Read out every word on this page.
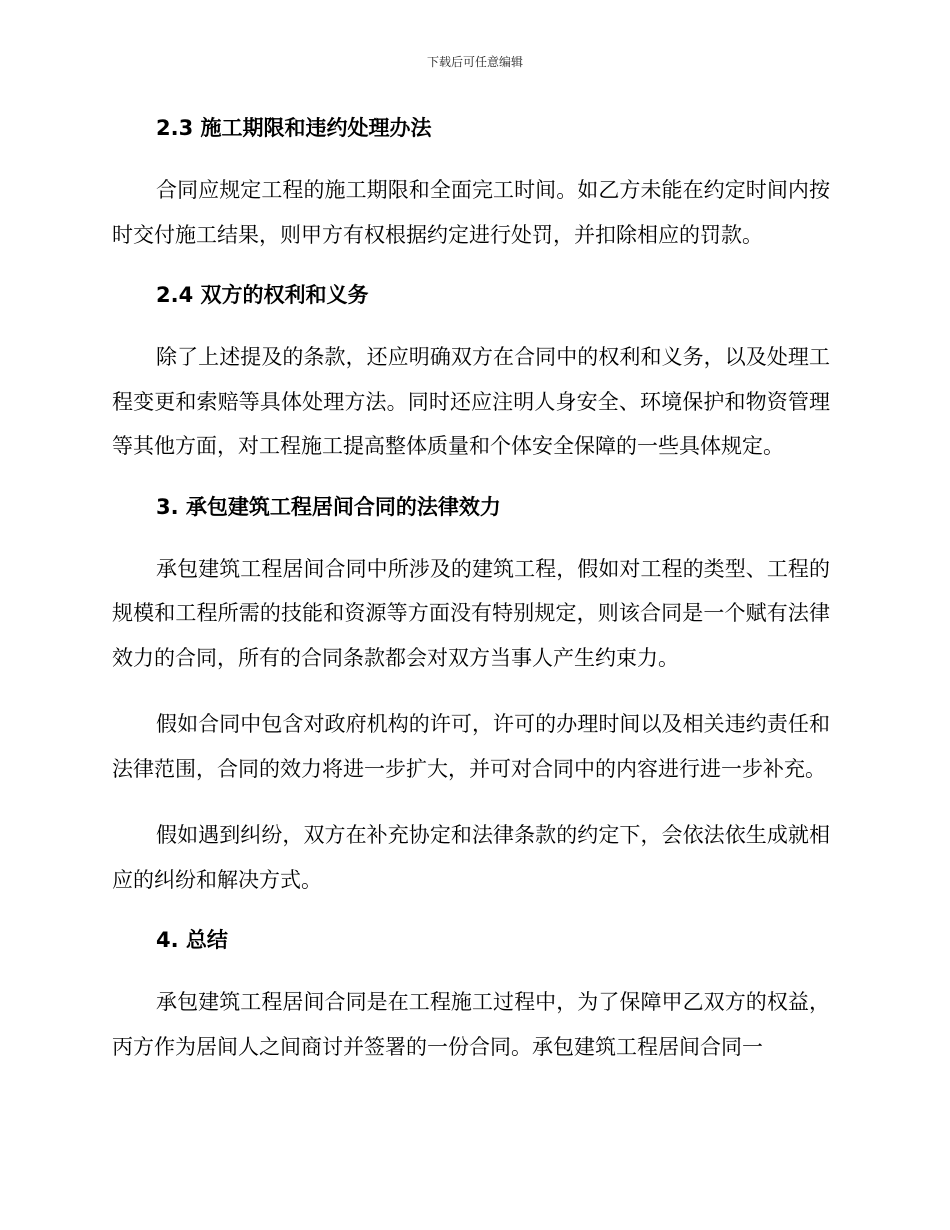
下载后可任意编辑
2.3 施工期限和违约处理办法

合同应规定工程的施工期限和全面完工时间。如乙方未能在约定时间内按时交付施工结果，则甲方有权根据约定进行处罚，并扣除相应的罚款。

2.4 双方的权利和义务

除了上述提及的条款，还应明确双方在合同中的权利和义务，以及处理工程变更和索赔等具体处理方法。同时还应注明人身安全、环境保护和物资管理等其他方面，对工程施工提高整体质量和个体安全保障的一些具体规定。

3. 承包建筑工程居间合同的法律效力

承包建筑工程居间合同中所涉及的建筑工程，假如对工程的类型、工程的规模和工程所需的技能和资源等方面没有特别规定，则该合同是一个赋有法律效力的合同，所有的合同条款都会对双方当事人产生约束力。

假如合同中包含对政府机构的许可，许可的办理时间以及相关违约责任和法律范围，合同的效力将进一步扩大，并可对合同中的内容进行进一步补充。

假如遇到纠纷，双方在补充协定和法律条款的约定下，会依法依生成就相应的纠纷和解决方式。

4. 总结

承包建筑工程居间合同是在工程施工过程中，为了保障甲乙双方的权益，丙方作为居间人之间商讨并签署的一份合同。承包建筑工程居间合同一
